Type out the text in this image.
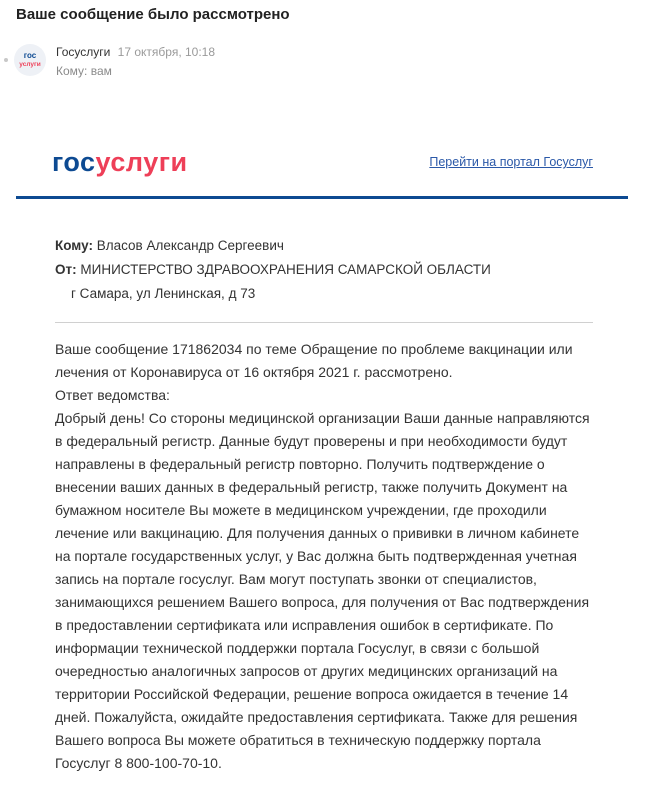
Ваше сообщение было рассмотрено
гос
услуги
Госуслуги 17 октября, 10:18
Кому: вам
госуслуги	Перейти на портал Госуслуг
Кому: Власов Александр Сергеевич
От: МИНИСТЕРСТВО ЗДРАВООХРАНЕНИЯ САМАРСКОЙ ОБЛАСТИ
г Самара, ул Ленинская, д 73

Ваше сообщение 171862034 по теме Обращение по проблеме вакцинации или лечения от Коронавируса от 16 октября 2021 г. рассмотрено.

Ответ ведомства:

Добрый день! Со стороны медицинской организации Ваши данные направляются в федеральный регистр. Данные будут проверены и при необходимости будут направлены в федеральный регистр повторно. Получить подтверждение о внесении ваших данных в федеральный регистр, также получить Документ на бумажном носителе Вы можете в медицинском учреждении, где проходили лечение или вакцинацию. Для получения данных о прививки в личном кабинете на портале государственных услуг, у Вас должна быть подтвержденная учетная запись на портале госуслуг. Вам могут поступать звонки от специалистов, занимающихся решением Вашего вопроса, для получения от Вас подтверждения в предоставлении сертификата или исправления ошибок в сертификате. По информации технической поддержки портала Госуслуг, в связи с большой очередностью аналогичных запросов от других медицинских организаций на территории Российской Федерации, решение вопроса ожидается в течение 14 дней. Пожалуйста, ожидайте предоставления сертификата. Также для решения Вашего вопроса Вы можете обратиться в техническую поддержку портала Госуслуг 8 800-100-70-10.
